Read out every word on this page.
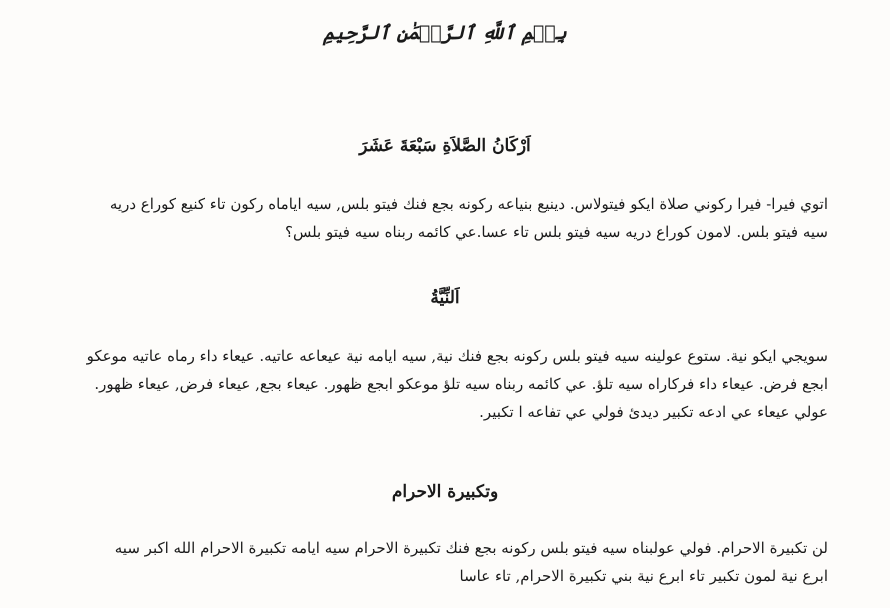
بِسۡمِ ٱللَّهِ ٱلرَّحۡمَٰنِ ٱلرَّحِيمِ
اَرْكَانُ الصَّلاَةِ سَبْعَةَ عَشَرَ
اتوي فيرا- فيرا ركوني صلاة ايكو فيتولاس. دينيع بنياعه ركونه بجع فنك فيتو بلس, سيه اياماه ركون تاء كنيع كوراع دريه
سيه فيتو بلس. لامون كوراع دريه سيه فيتو بلس تاء عسا.عي كائمه ربناه سيه فيتو بلس؟
اَلنِّيَّةُ
سويجي ايكو نية. ستوع عولينه سيه فيتو بلس ركونه بجع فنك نية, سيه ايامه نية عيعاعه عاتيه. عيعاء داء رماه عاتيه موعكو
ابجع فرض. عيعاء داء فركاراه سيه تلؤ. عي كائمه ربناه سيه تلؤ موعكو ابجع ظهور. عيعاء بجع, عيعاء فرض, عيعاء ظهور.
عولي عيعاء عي ادعه تكبير ديدئ فولي عي تفاعه ا تكبير.
وتكبيرة الاحرام
لن تكبيرة الاحرام. فولي عولبناه سيه فيتو بلس ركونه بجع فنك تكبيرة الاحرام سيه ايامه تكبيرة الاحرام الله اكبر سيه
ابرع نية لمون تكبير تاء ابرع نية بني تكبيرة الاحرام, تاء عاسا
